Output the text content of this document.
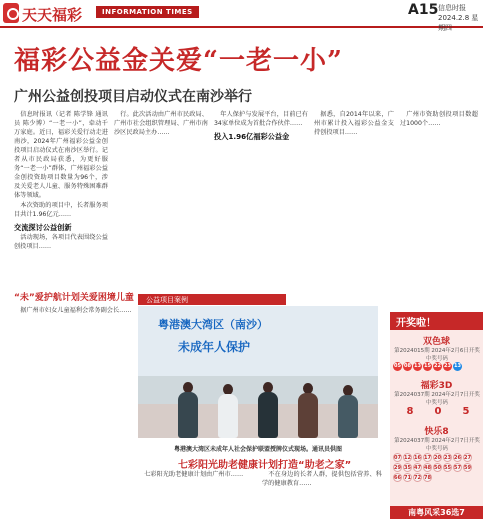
天天福彩	INFORMATION TIMES	A15 信息时报
2024.2.8 星期四
福彩公益金关爱“一老一小”
广州公益创投项目启动仪式在南沙举行

信息时报讯（记者 陈学锋 通讯员 陈少博）“一老一小”，牵动千万家庭。近日，福彩关爱行动走进南沙，2024年广州福彩公益金创投项目启动仪式在南沙区举行。记者从市民政局获悉，为更好服务“一老一小”群体，广州福彩公益金创投资助项目数量为96个，涉及关爱老人儿童、服务特殊困难群体等领域。

本次资助的项目中，长者服务项目共计1.96亿元……

交流探讨公益创新

活动现场，各项目代表围绕公益创投项目……

行。此次活动由广州市民政局、广州市社会组织管理局、广州市南沙区民政局主办……

年人保护与发展平台，目前已有34家单位成为首批合作伙伴……

投入1.96亿福彩公益金

据悉，自2014年以来，广州市累计投入福彩公益金支持创投项目……

广州市资助创投项目数超过1000个……

“未”爱护航计划关爱困境儿童

据广州市妇女儿童福利会常务副会长……

公益项目案例
粤港澳大湾区（南沙）
未成年人保护
粤港澳大湾区未成年人社会保护联盟授牌仪式现场。通讯员供图
七彩阳光助老健康计划打造“助老之家”

七彩阳光助老健康计划由广州市……	不在身边的长者人群，提供包括营养、科学的健康教育……

开奖啦！
双色球
第2024015期 2024年2月6日开奖
中奖号码
05 08 13 15 22 23 13
福彩3D
第2024037期 2024年2月7日开奖
中奖号码
8 0 5
快乐8
第2024037期 2024年2月7日开奖
中奖号码
07 12 16 17 20 23 26 27
29 35 47 48 50 55 57 59
66 71 72 78
南粤风采36选7
